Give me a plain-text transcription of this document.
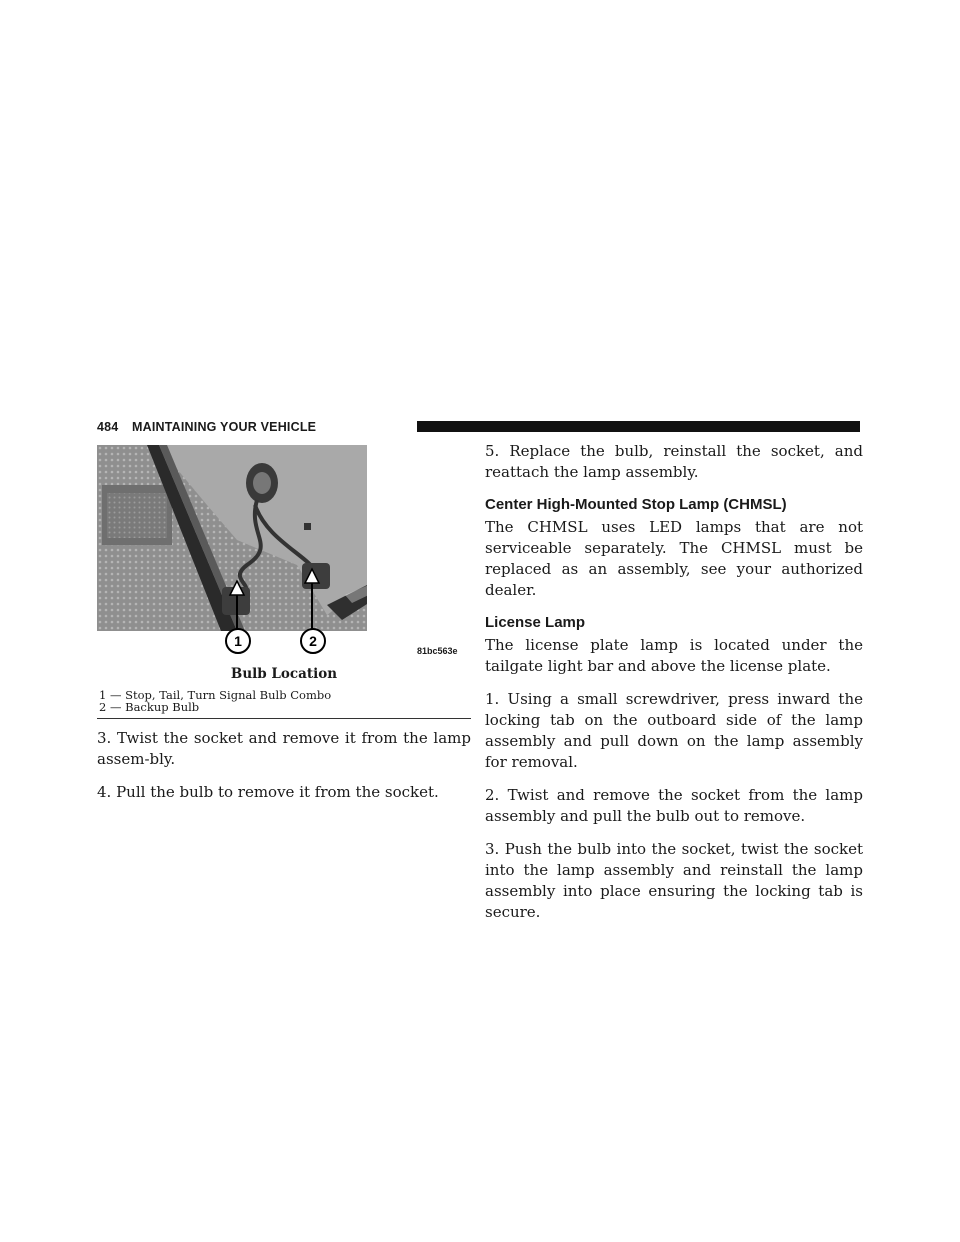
484 MAINTAINING YOUR VEHICLE
1	2
81bc563e
Bulb Location
1 — Stop, Tail, Turn Signal Bulb Combo
2 — Backup Bulb

3. Twist the socket and remove it from the lamp assem-bly.

4. Pull the bulb to remove it from the socket.

5. Replace the bulb, reinstall the socket, and reattach the lamp assembly.

Center High-Mounted Stop Lamp (CHMSL)

The CHMSL uses LED lamps that are not serviceable separately. The CHMSL must be replaced as an assembly, see your authorized dealer.

License Lamp

The license plate lamp is located under the tailgate light bar and above the license plate.

1. Using a small screwdriver, press inward the locking tab on the outboard side of the lamp assembly and pull down on the lamp assembly for removal.

2. Twist and remove the socket from the lamp assembly and pull the bulb out to remove.

3. Push the bulb into the socket, twist the socket into the lamp assembly and reinstall the lamp assembly into place ensuring the locking tab is secure.
